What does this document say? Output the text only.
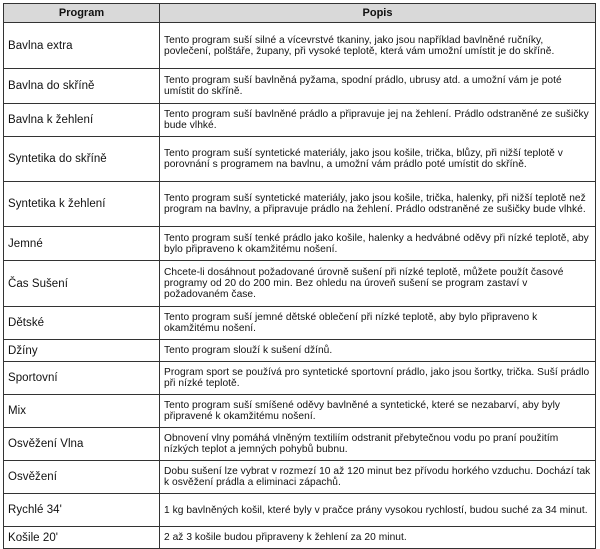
Program	Popis
Bavlna extra	Tento program suší silné a vícevrstvé tkaniny, jako jsou například bavlněné ručníky, povlečení, polštáře, župany, při vysoké teplotě, která vám umožní umístit je do skříně.
Bavlna do skříně	Tento program suší bavlněná pyžama, spodní prádlo, ubrusy atd. a umožní vám je poté umístit do skříně.
Bavlna k žehlení	Tento program suší bavlněné prádlo a připravuje jej na žehlení. Prádlo odstraněné ze sušičky bude vlhké.
Syntetika do skříně	Tento program suší syntetické materiály, jako jsou košile, trička, blůzy, při nižší teplotě v porovnání s programem na bavlnu, a umožní vám prádlo poté umístit do skříně.
Syntetika k žehlení	Tento program suší syntetické materiály, jako jsou košile, trička, halenky, při nižší teplotě než program na bavlny, a připravuje prádlo na žehlení. Prádlo odstraněné ze sušičky bude vlhké.
Jemné	Tento program suší tenké prádlo jako košile, halenky a hedvábné oděvy při nízké teplotě, aby bylo připraveno k okamžitému nošení.
Čas Sušení	Chcete-li dosáhnout požadované úrovně sušení při nízké teplotě, můžete použít časové programy od 20 do 200 min. Bez ohledu na úroveň sušení se program zastaví v požadovaném čase.
Dětské	Tento program suší jemné dětské oblečení při nízké teplotě, aby bylo připraveno k okamžitému nošení.
Džíny	Tento program slouží k sušení džínů.
Sportovní	Program sport se používá pro syntetické sportovní prádlo, jako jsou šortky, trička. Suší prádlo při nízké teplotě.
Mix	Tento program suší smíšené oděvy bavlněné a syntetické, které se nezabarví, aby byly připravené k okamžitému nošení.
Osvěžení Vlna	Obnovení vlny pomáhá vlněným textiliím odstranit přebytečnou vodu po praní použitím nízkých teplot a jemných pohybů bubnu.
Osvěžení	Dobu sušení lze vybrat v rozmezí 10 až 120 minut bez přívodu horkého vzduchu. Dochází tak k osvěžení prádla a eliminaci zápachů.
Rychlé 34'	1 kg bavlněných košil, které byly v pračce prány vysokou rychlostí, budou suché za 34 minut.
Košile 20'	2 až 3 košile budou připraveny k žehlení za 20 minut.
